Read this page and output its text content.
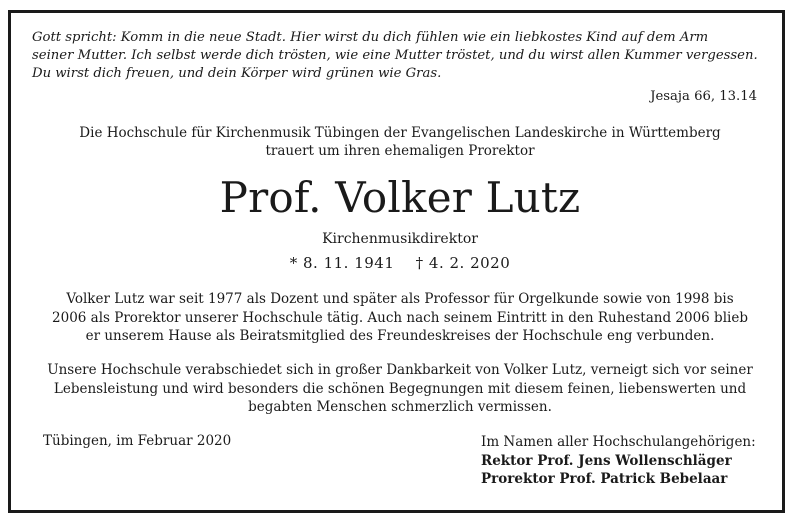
Gott spricht: Komm in die neue Stadt. Hier wirst du dich fühlen wie ein liebkostes Kind auf dem Arm

seiner Mutter. Ich selbst werde dich trösten, wie eine Mutter tröstet, und du wirst allen Kummer vergessen.

Du wirst dich freuen, und dein Körper wird grünen wie Gras.

Jesaja 66, 13.14
Die Hochschule für Kirchenmusik Tübingen der Evangelischen Landeskirche in Württemberg
trauert um ihren ehemaligen Prorektor
Prof. Volker Lutz
Kirchenmusikdirektor
* 8. 11. 1941 † 4. 2. 2020

Volker Lutz war seit 1977 als Dozent und später als Professor für Orgelkunde sowie von 1998 bis

2006 als Prorektor unserer Hochschule tätig. Auch nach seinem Eintritt in den Ruhestand 2006 blieb

er unserem Hause als Beiratsmitglied des Freundeskreises der Hochschule eng verbunden.

Unsere Hochschule verabschiedet sich in großer Dankbarkeit von Volker Lutz, verneigt sich vor seiner

Lebensleistung und wird besonders die schönen Begegnungen mit diesem feinen, liebenswerten und

begabten Menschen schmerzlich vermissen.

Tübingen, im Februar 2020	Im Namen aller Hochschulangehörigen:
Rektor Prof. Jens Wollenschläger
Prorektor Prof. Patrick Bebelaar
